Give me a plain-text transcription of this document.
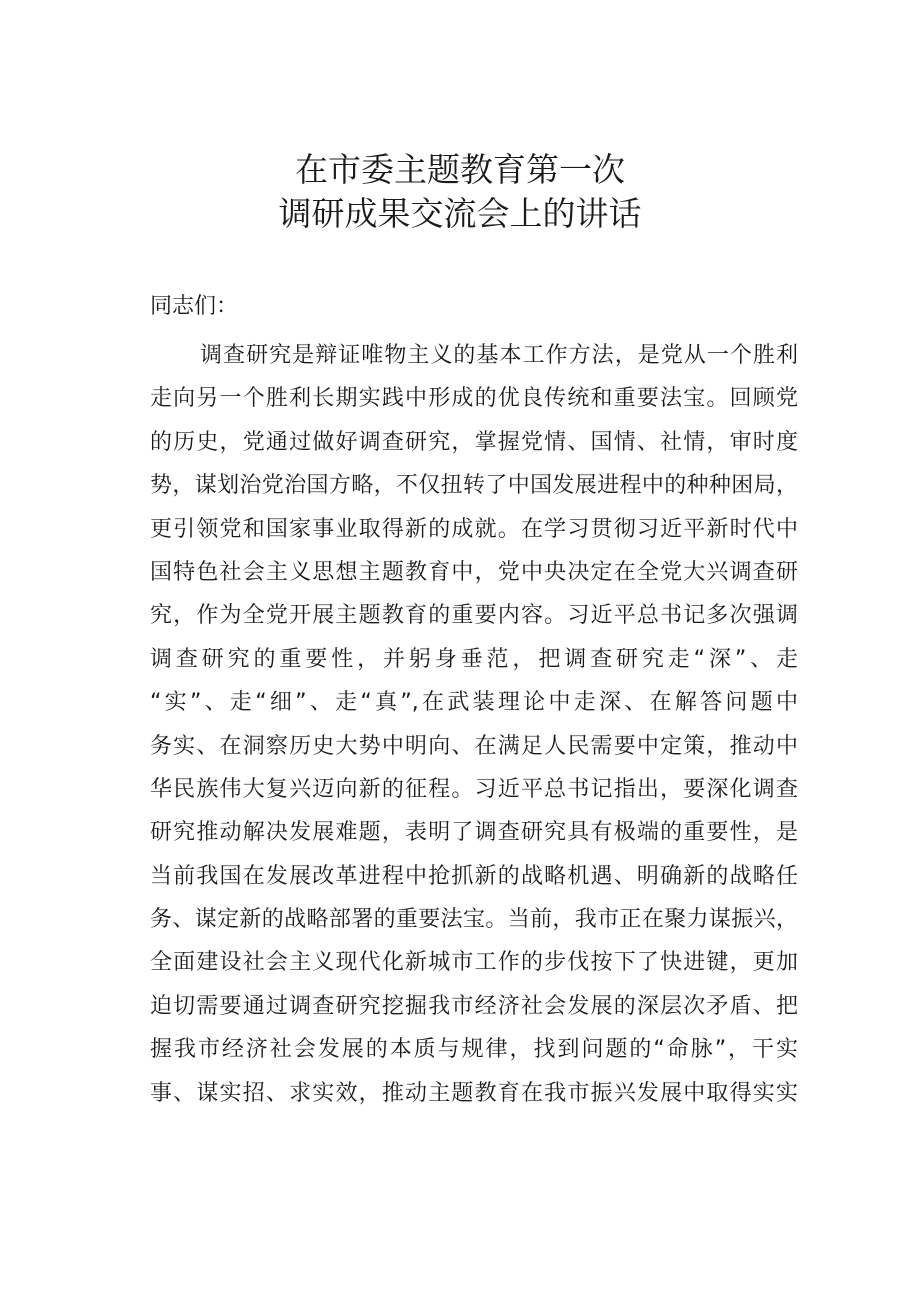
在市委主题教育第一次
调研成果交流会上的讲话
同志们：
调查研究是辩证唯物主义的基本工作方法，是党从一个胜利
走向另一个胜利长期实践中形成的优良传统和重要法宝。回顾党
的历史，党通过做好调查研究，掌握党情、国情、社情，审时度
势，谋划治党治国方略，不仅扭转了中国发展进程中的种种困局，
更引领党和国家事业取得新的成就。在学习贯彻习近平新时代中
国特色社会主义思想主题教育中，党中央决定在全党大兴调查研
究，作为全党开展主题教育的重要内容。习近平总书记多次强调
调查研究的重要性，并躬身垂范，把调查研究走“深”、走
“实”、走“细”、走“真”,在武装理论中走深、在解答问题中
务实、在洞察历史大势中明向、在满足人民需要中定策，推动中
华民族伟大复兴迈向新的征程。习近平总书记指出，要深化调查
研究推动解决发展难题，表明了调查研究具有极端的重要性，是
当前我国在发展改革进程中抢抓新的战略机遇、明确新的战略任
务、谋定新的战略部署的重要法宝。当前，我市正在聚力谋振兴，
全面建设社会主义现代化新城市工作的步伐按下了快进键，更加
迫切需要通过调查研究挖掘我市经济社会发展的深层次矛盾、把
握我市经济社会发展的本质与规律，找到问题的“命脉”，干实
事、谋实招、求实效，推动主题教育在我市振兴发展中取得实实
